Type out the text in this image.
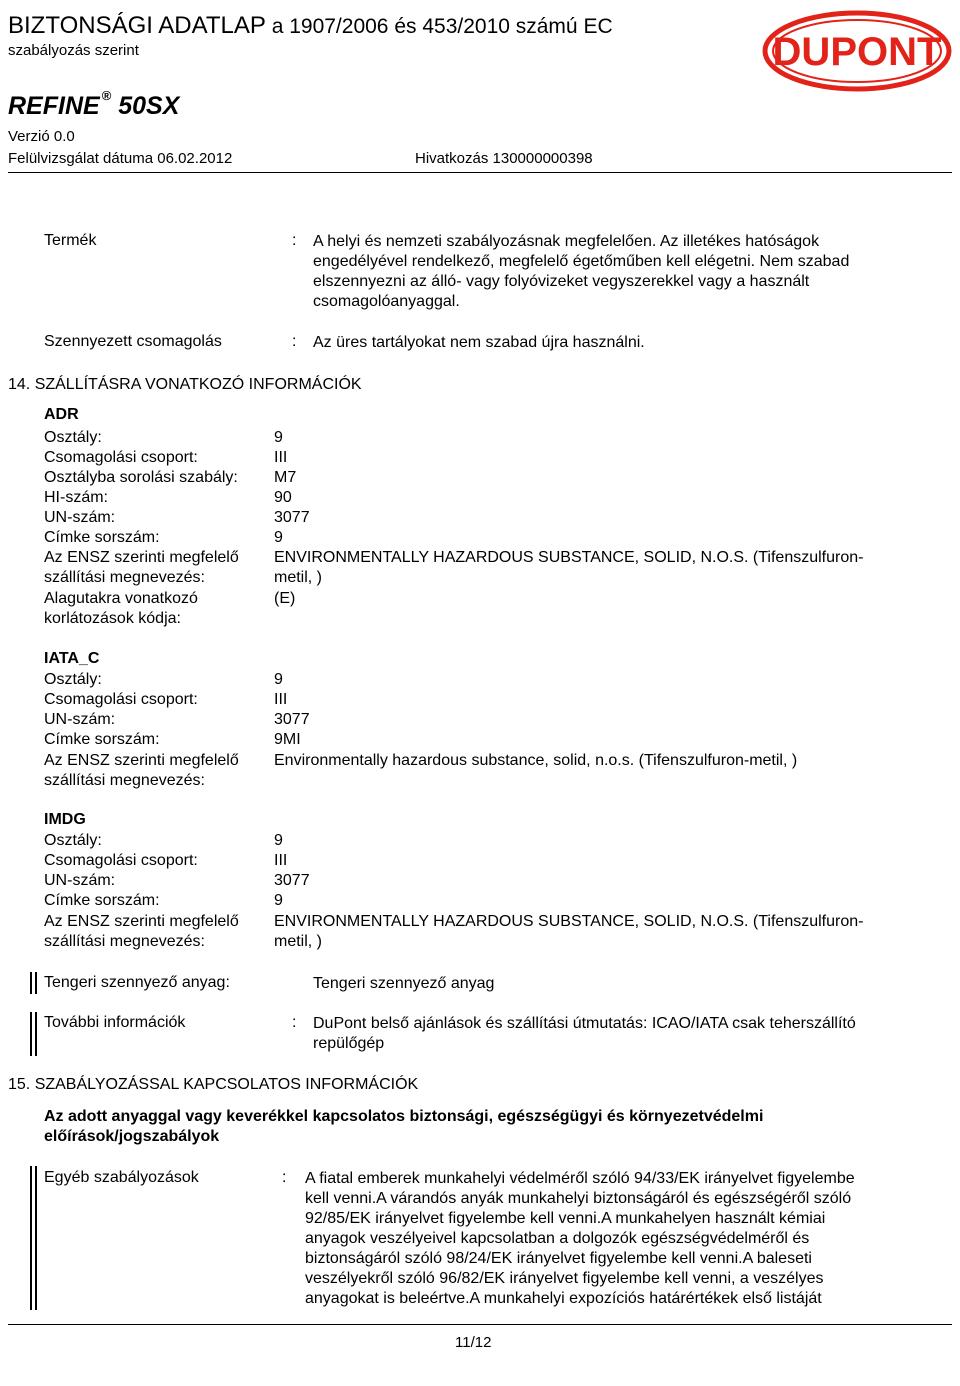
BIZTONSÁGI ADATLAP a 1907/2006 és 453/2010 számú EC
szabályozás szerint
REFINE ® 50SX
Verzió 0.0
Felülvizsgálat dátuma 06.02.2012	Hivatkozás 130000000398
DUPONT
Termék	: A helyi és nemzeti szabályozásnak megfelelően. Az illetékes hatóságok
engedélyével rendelkező, megfelelő égetőműben kell elégetni. Nem szabad
elszennyezni az álló- vagy folyóvizeket vegyszerekkel vagy a használt
csomagolóanyaggal.
Szennyezett csomagolás	: Az üres tartályokat nem szabad újra használni.
14. SZÁLLÍTÁSRA VONATKOZÓ INFORMÁCIÓK
ADR
Osztály:	9
Csomagolási csoport:	III
Osztályba sorolási szabály: M7
HI-szám:	90
UN-szám:	3077
Címke sorszám:	9
Az ENSZ szerinti megfelelő
szállítási megnevezés:
ENVIRONMENTALLY HAZARDOUS SUBSTANCE, SOLID, N.O.S. (Tifenszulfuron-
metil, )
Alagutakra vonatkozó
korlátozások kódja:
(E)
IATA_C
Osztály:	9
Csomagolási csoport:	III
UN-szám:	3077
Címke sorszám:	9MI
Az ENSZ szerinti megfelelő
szállítási megnevezés:
Environmentally hazardous substance, solid, n.o.s. (Tifenszulfuron-metil, )
IMDG
Osztály:	9
Csomagolási csoport:	III
UN-szám:	3077
Címke sorszám:	9
Az ENSZ szerinti megfelelő
szállítási megnevezés:
ENVIRONMENTALLY HAZARDOUS SUBSTANCE, SOLID, N.O.S. (Tifenszulfuron-
metil, )
Tengeri szennyező anyag:	Tengeri szennyező anyag
További információk	: DuPont belső ajánlások és szállítási útmutatás: ICAO/IATA csak teherszállító
repülőgép
15. SZABÁLYOZÁSSAL KAPCSOLATOS INFORMÁCIÓK
Az adott anyaggal vagy keverékkel kapcsolatos biztonsági, egészségügyi és környezetvédelmi
előírások/jogszabályok
Egyéb szabályozások	: A fiatal emberek munkahelyi védelméről szóló 94/33/EK irányelvet figyelembe
kell venni.A várandós anyák munkahelyi biztonságáról és egészségéről szóló
92/85/EK irányelvet figyelembe kell venni.A munkahelyen használt kémiai
anyagok veszélyeivel kapcsolatban a dolgozók egészségvédelméről és
biztonságáról szóló 98/24/EK irányelvet figyelembe kell venni.A baleseti
veszélyekről szóló 96/82/EK irányelvet figyelembe kell venni, a veszélyes
anyagokat is beleértve.A munkahelyi expozíciós határértékek első listáját
11/12
